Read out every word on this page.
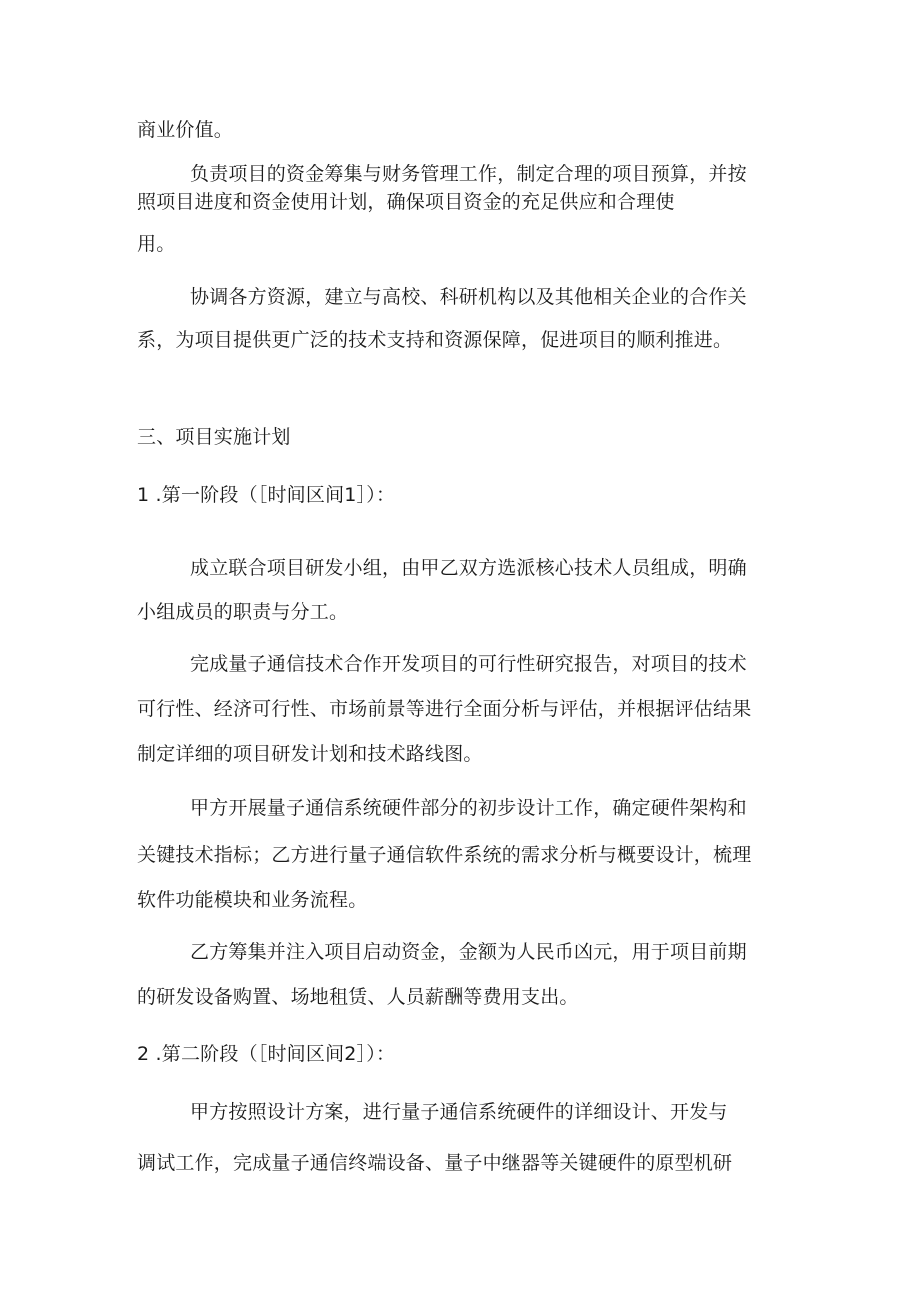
商业价值。

负责项目的资金筹集与财务管理工作，制定合理的项目预算，并按

照项目进度和资金使用计划，确保项目资金的充足供应和合理使

用。

协调各方资源，建立与高校、科研机构以及其他相关企业的合作关

系，为项目提供更广泛的技术支持和资源保障，促进项目的顺利推进。

三、项目实施计划

1 .第一阶段（［时间区间1］）：

成立联合项目研发小组，由甲乙双方选派核心技术人员组成，明确

小组成员的职责与分工。

完成量子通信技术合作开发项目的可行性研究报告，对项目的技术

可行性、经济可行性、市场前景等进行全面分析与评估，并根据评估结果

制定详细的项目研发计划和技术路线图。

甲方开展量子通信系统硬件部分的初步设计工作，确定硬件架构和

关键技术指标；乙方进行量子通信软件系统的需求分析与概要设计，梳理

软件功能模块和业务流程。

乙方筹集并注入项目启动资金，金额为人民币凶元，用于项目前期

的研发设备购置、场地租赁、人员薪酬等费用支出。

2 .第二阶段（［时间区间2］）：

甲方按照设计方案，进行量子通信系统硬件的详细设计、开发与

调试工作，完成量子通信终端设备、量子中继器等关键硬件的原型机研
